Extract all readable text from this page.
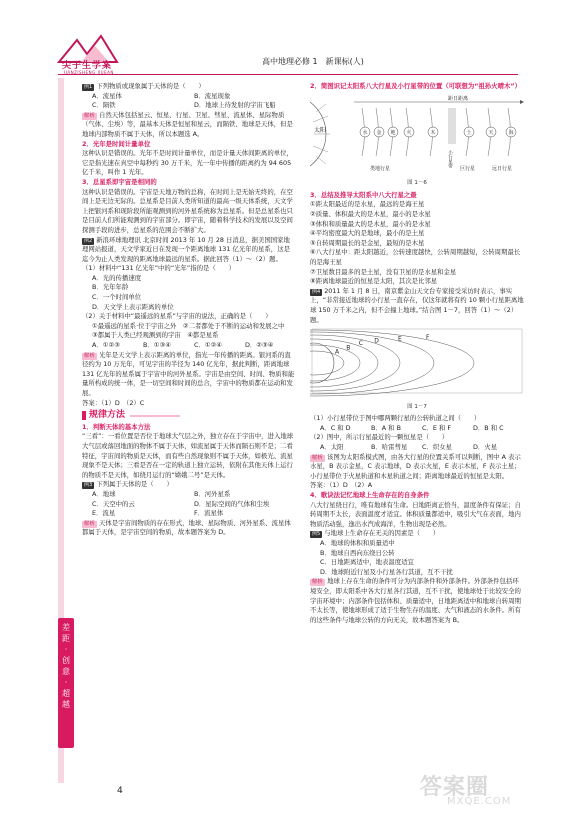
尖子生学案
JIANZISHENG XUEAN
高中地理必修 1　新课标(人)
差
距
·
创
意
·
超
越

例1 下列物质或现象属于天体的是（　　）

A．流星体	B．流星现象
C．陨铁	D．地球上待发射的宇宙飞船

解析 自然天体包括星云、恒星、行星、卫星、彗星、流星体、星际物质（气体、尘埃）等，最基本天体是恒星和星云，而陨铁、地球是天体，但是地球内部物质不属于天体，所以本题选 A。

2．光年是时间计量单位

这种认识是错误的。光年不是时间计量单位，而是计量天体间距离的单位，它是指光速在真空中每秒约 30 万千米，光一年中传播的距离约为 94 605 亿千米，叫作 1 光年。

3．总星系即宇宙是相同的

这种认识是错误的。宇宙是天地万物的总称，在时间上是无始无终的，在空间上是无边无际的。总星系是目前人类所知道的最高一级天体系统，天文学上把银河系和现阶段所能观测到的河外星系统称为总星系。但是总星系也只是目前人们所能观测到的宇宙部分。即宇宙，随着科学技术的发展以及空间探测手段的进步，总星系的范围会不断扩大。

例2 新浪环球地理讯 北京时间 2013 年 10 月 28 日消息，据美国国家地理网站报道，天文学家近日在发现一个距离地球 131 亿光年的星系，这是迄今为止人类发现的距离地球最远的星系。据此回答（1）～（2）题。

（1）材料中“131 亿光年”中的“光年”指的是（　　）

A．光的传播速度
B．光年年龄
C．一个时间单位
D．天文学上表示距离的单位

（2）关于材料中“最遥远的星系”与宇宙的说法，正确的是（　　）

①最遥远的星系·位于宇宙之外　②二者都处于不断的运动和发展之中　③都属于人类已经观测到的宇宙　④都是星系

A．①②③	B．①③④	C．①②④	D．②③④

解析 光年是天文学上表示距离的单位，指光一年传播的距离。银河系的直径约为 10 万光年，可见宇宙的半径为 140 亿光年，据此判断，距离地球 131 亿光年的星系属于宇宙中的河外星系。宇宙是由空间、时间、物质和能量所构成的统一体，是一切空间和时间的总合，宇宙中的物质都在运动和发展。

答案：（1）D　（2）C

规律方法

1．判断天体的基本方法

“三看”：一看位置是否位于地球大气层之外，独立存在于宇宙中，进入地球大气层或落回地面的物体不属于天体，如流星属于天体而陨石则不是；二看特征，宇宙间的物质是天体，而有些自然现象则不属于天体，如极光、流星现象不是天体；三看是否在一定的轨道上独立运转，依附在其他天体上运行的物质不是天体，如绕月运行的“嫦娥二号”是天体。

例3 下列属于天体的是（　　）

A．地球	B．河外星系
C．天空中的云	D．星际空间的气体和尘埃
E．流星	F．流星体

解析 天体是宇宙间物质的存在形式，地球、星际物质、河外星系、流星体都属于天体，是宇宙空间的物质，故本题答案为 D。

2．简图识记太阳系八大行星及小行星带的位置（可联想为“祖孙火晴木”）

太阳
距日距离
水 金 地 火	木	土	天	海
小行星带
类地行星	巨行星	远日行星
图 1－6

3．总结及推导太阳系中八大行星之最

①距太阳最近的是水星，最远的是海王星
②质量、体积最大的是木星，最小的是水星
③体积和质量最大的是木星，最小的是水星
④平均密度最大的是地球，最小的是土星
⑤自转周期最长的是金星，最短的是木星
⑥八大行星中：距太阳越近，公转速度越快，公转周期越短，公转周期最长的是海王星
⑦卫星数目最多的是土星，没有卫星的是水星和金星
⑧距离地球最近的恒星是太阳，其次是比邻星

例4 2011 年 1 月 8 日，南京紫金山天文台专家接受采访时表示，事实上，“非常接近地球的小行星一直存在，仅这年就将有约 10 颗小行星距离地球 150 万千米之内，但不会撞上地球。”结合图 1－7，回答（1）～（2）题。

A
B
C D	E	F
图 1－7

（1）小行星带位于图中哪两颗行星的公转轨道之间（　　）

A．C 和 D	B．A 和 B	C．E 和 F	D．B 和 C

（2）图中，所示行星最近的一颗恒星是（　　）

A．太阳	B．哈雷彗星	C．织女星	D．火星

解析 该图为太阳系模式图，由各大行星的位置关系可以判断，图中 A 表示水星，B 表示金星，C 表示地球，D 表示火星，E 表示木星，F 表示土星；小行星带位于火星轨道和木星轨道之间；距离地球最近的恒星是太阳。

答案：（1）D　（2）A

4．歌诀法记忆地球上生命存在的自身条件

八大行星绕日行，唯有地球有生命。日地距离正恰当，温度条件有保证；自转周期不太长，表面温度才适宜。体积质量都适中，吸引大气在表面，地内物质活动强，逸出水汽成海洋，生物出现是必然。

例5 与地球上生命存在无关的因素是（　　）

A．地球的体积和质量适中
B．地球自西向东绕日公转
C．日地距离适中，地表温度适宜
D．地球附近行星及小行星各行其道，互不干扰

解析 地球上存在生命的条件可分为内部条件和外部条件。外部条件包括环境安全，即太阳系中各大行星各行其道，互不干扰，使地球处于比较安全的宇宙环境中；内部条件包括体积、质量适中，日地距离适中和地球自转周期不太长等，使地球形成了适于生物生存的温度、大气和液态的水条件。所有的这些条件与地球公转的方向无关，故本题答案为 B。

4	答案圈
MXQE.COM
